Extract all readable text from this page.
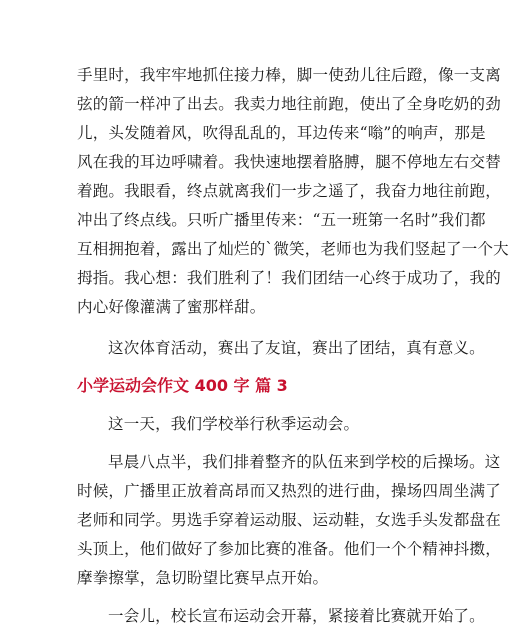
手里时，我牢牢地抓住接力棒，脚一使劲儿往后蹬，像一支离
弦的箭一样冲了出去。我卖力地往前跑，使出了全身吃奶的劲
儿，头发随着风，吹得乱乱的，耳边传来“嗡”的响声，那是
风在我的耳边呼啸着。我快速地摆着胳膊，腿不停地左右交替
着跑。我眼看，终点就离我们一步之遥了，我奋力地往前跑，
冲出了终点线。只听广播里传来：“五一班第一名时”我们都
互相拥抱着，露出了灿烂的`微笑，老师也为我们竖起了一个大
拇指。我心想：我们胜利了！我们团结一心终于成功了，我的
内心好像灌满了蜜那样甜。
这次体育活动，赛出了友谊，赛出了团结，真有意义。
小学运动会作文 400 字 篇 3
这一天，我们学校举行秋季运动会。
早晨八点半，我们排着整齐的队伍来到学校的后操场。这
时候，广播里正放着高昂而又热烈的进行曲，操场四周坐满了
老师和同学。男选手穿着运动服、运动鞋，女选手头发都盘在
头顶上，他们做好了参加比赛的准备。他们一个个精神抖擞，
摩拳擦掌，急切盼望比赛早点开始。
一会儿，校长宣布运动会开幕，紧接着比赛就开始了。
